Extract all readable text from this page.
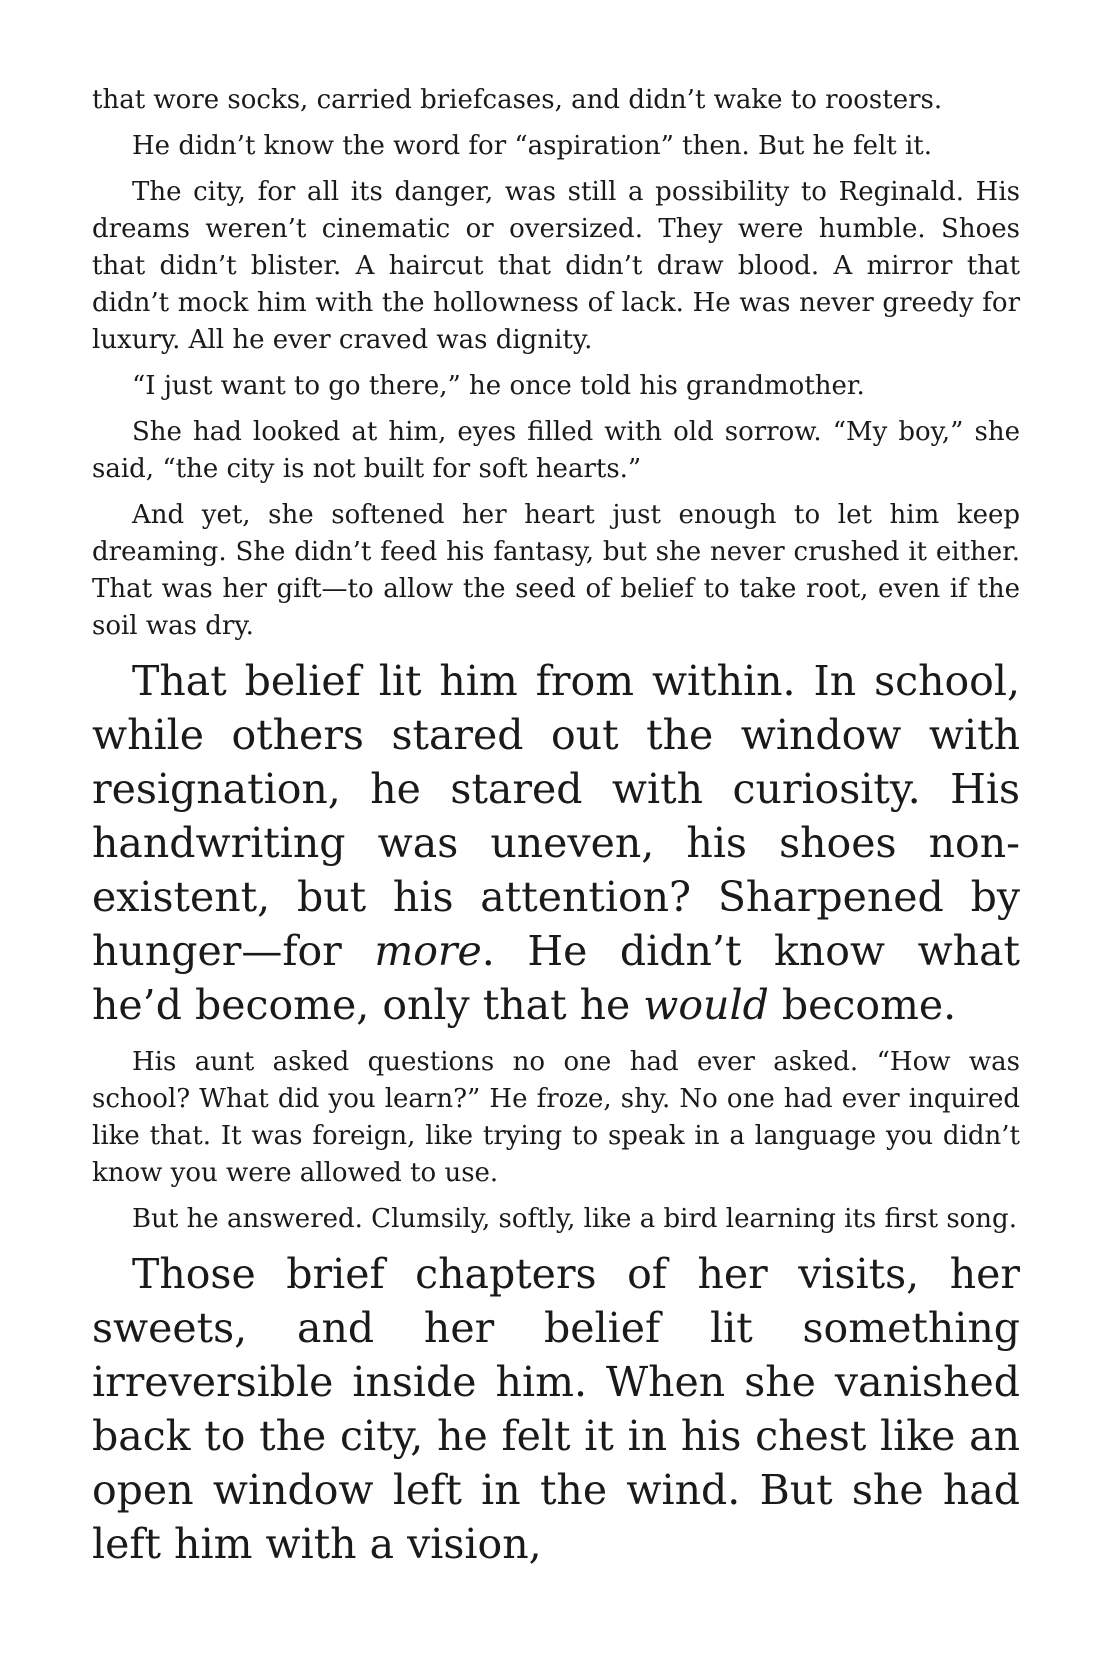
that wore socks, carried briefcases, and didn’t wake to roosters.

He didn’t know the word for “aspiration” then. But he felt it.

The city, for all its danger, was still a possibility to Reginald. His dreams weren’t cinematic or oversized. They were humble. Shoes that didn’t blister. A haircut that didn’t draw blood. A mirror that didn’t mock him with the hollowness of lack. He was never greedy for luxury. All he ever craved was dignity.

“I just want to go there,” he once told his grandmother.

She had looked at him, eyes filled with old sorrow. “My boy,” she said, “the city is not built for soft hearts.”

And yet, she softened her heart just enough to let him keep dreaming. She didn’t feed his fantasy, but she never crushed it either. That was her gift—to allow the seed of belief to take root, even if the soil was dry.

That belief lit him from within. In school, while others stared out the window with resignation, he stared with curiosity. His handwriting was uneven, his shoes non-existent, but his attention? Sharpened by hunger—for more. He didn’t know what he’d become, only that he would become.

His aunt asked questions no one had ever asked. “How was school? What did you learn?” He froze, shy. No one had ever inquired like that. It was foreign, like trying to speak in a language you didn’t know you were allowed to use.

But he answered. Clumsily, softly, like a bird learning its first song.

Those brief chapters of her visits, her sweets, and her belief lit something irreversible inside him. When she vanished back to the city, he felt it in his chest like an open window left in the wind. But she had left him with a vision,
